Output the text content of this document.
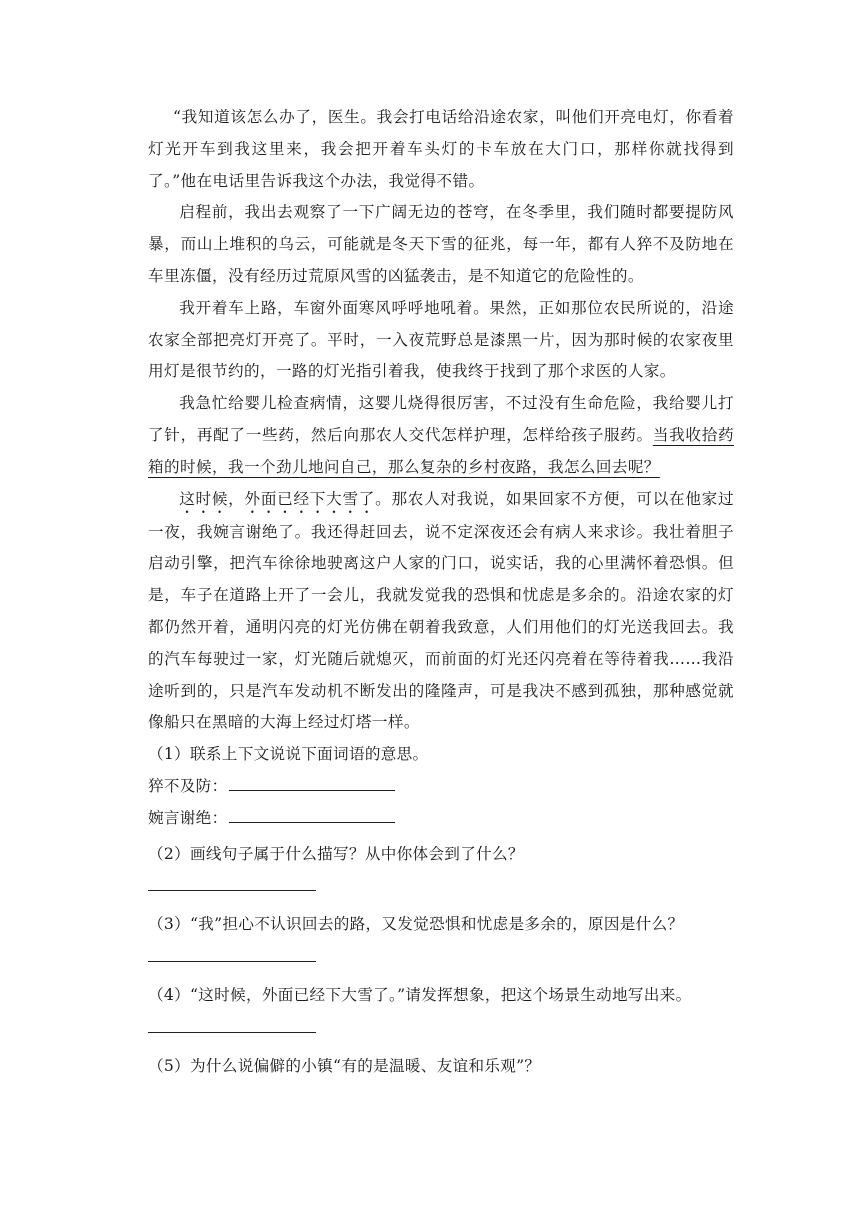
“我知道该怎么办了，医生。我会打电话给沿途农家，叫他们开亮电灯，你看着灯光开车到我这里来，我会把开着车头灯的卡车放在大门口，那样你就找得到了。”他在电话里告诉我这个办法，我觉得不错。

启程前，我出去观察了一下广阔无边的苍穹，在冬季里，我们随时都要提防风暴，而山上堆积的乌云，可能就是冬天下雪的征兆，每一年，都有人猝不及防地在车里冻僵，没有经历过荒原风雪的凶猛袭击，是不知道它的危险性的。

我开着车上路，车窗外面寒风呼呼地吼着。果然，正如那位农民所说的，沿途农家全部把亮灯开亮了。平时，一入夜荒野总是漆黑一片，因为那时候的农家夜里用灯是很节约的，一路的灯光指引着我，使我终于找到了那个求医的人家。

我急忙给婴儿检查病情，这婴儿烧得很厉害，不过没有生命危险，我给婴儿打了针，再配了一些药，然后向那农人交代怎样护理，怎样给孩子服药。当我收拾药箱的时候，我一个劲儿地问自己，那么复杂的乡村夜路，我怎么回去呢？

这时候，外面已经下大雪了。那农人对我说，如果回家不方便，可以在他家过一夜，我婉言谢绝了。我还得赶回去，说不定深夜还会有病人来求诊。我壮着胆子启动引擎，把汽车徐徐地驶离这户人家的门口，说实话，我的心里满怀着恐惧。但是，车子在道路上开了一会儿，我就发觉我的恐惧和忧虑是多余的。沿途农家的灯都仍然开着，通明闪亮的灯光仿佛在朝着我致意，人们用他们的灯光送我回去。我的汽车每驶过一家，灯光随后就熄灭，而前面的灯光还闪亮着在等待着我……我沿途听到的，只是汽车发动机不断发出的隆隆声，可是我决不感到孤独，那种感觉就像船只在黑暗的大海上经过灯塔一样。

（1）联系上下文说说下面词语的意思。

猝不及防：

婉言谢绝：

（2）画线句子属于什么描写？从中你体会到了什么？

（3）“我”担心不认识回去的路，又发觉恐惧和忧虑是多余的，原因是什么？

（4）“这时候，外面已经下大雪了。”请发挥想象，把这个场景生动地写出来。

（5）为什么说偏僻的小镇“有的是温暖、友谊和乐观”？
